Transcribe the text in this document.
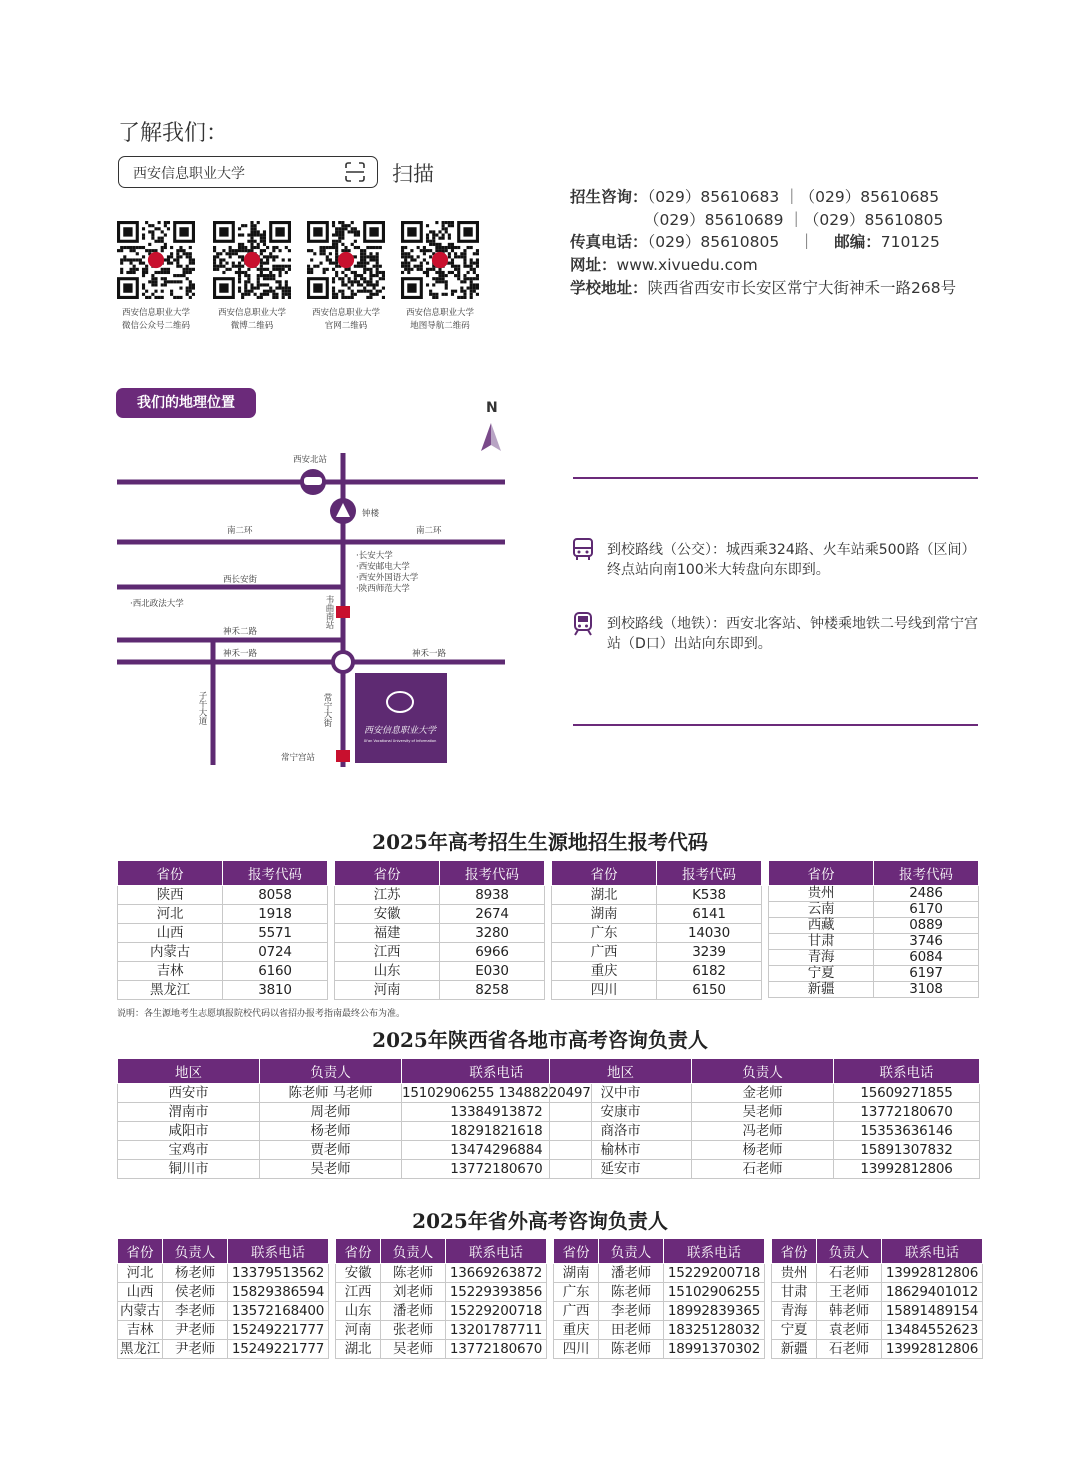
了解我们：
西安信息职业大学	扫描
西安信息职业大学
微信公众号二维码
西安信息职业大学
微博二维码
西安信息职业大学
官网二维码
西安信息职业大学
地图导航二维码
招生咨询：（029）85610683 ｜（029）85610685
（029）85610689 ｜（029）85610805
传真电话：（029）85610805 ｜ 邮编：710125
网址：www.xivuedu.com
学校地址：陕西省西安市长安区常宁大街神禾一路268号
我们的地理位置	N
西安信息职业大学
Xi'an Vocational University of Information
西安北站
钟楼
南二环	南二环
西长安街
·西北政法大学
·长安大学
·西安邮电大学
·西安外国语大学
·陕西师范大学
神禾二路
神禾一路	神禾一路
常宁宫站
韦曲南站
子午大道	常宁大街
到校路线（公交）：城西乘324路、火车站乘500路（区间）终点站向南100米大转盘向东即到。
到校路线（地铁）：西安北客站、钟楼乘地铁二号线到常宁宫站（D口）出站向东即到。
2025年高考招生生源地招生报考代码
省份	报考代码
陕西	8058
河北	1918
山西	5571
内蒙古	0724
吉林	6160
黑龙江	3810
省份	报考代码
江苏	8938
安徽	2674
福建	3280
江西	6966
山东	E030
河南	8258
省份	报考代码
湖北	K538
湖南	6141
广东	14030
广西	3239
重庆	6182
四川	6150
省份	报考代码
贵州	2486
云南	6170
西藏	0889
甘肃	3746
青海	6084
宁夏	6197
新疆	3108
说明：各生源地考生志愿填报院校代码以省招办报考指南最终公布为准。
2025年陕西省各地市高考咨询负责人
地区	负责人	联系电话
西安市	陈老师 马老师	15102906255 13488220497
渭南市	周老师	13384913872
咸阳市	杨老师	18291821618
宝鸡市	贾老师	13474296884
铜川市	吴老师	13772180670
地区	负责人	联系电话
汉中市	金老师	15609271855
安康市	吴老师	13772180670
商洛市	冯老师	15353636146
榆林市	杨老师	15891307832
延安市	石老师	13992812806
2025年省外高考咨询负责人
省份	负责人	联系电话
河北	杨老师	13379513562
山西	侯老师	15829386594
内蒙古	李老师	13572168400
吉林	尹老师	15249221777
黑龙江	尹老师	15249221777
省份	负责人	联系电话
安徽	陈老师	13669263872
江西	刘老师	15229393856
山东	潘老师	15229200718
河南	张老师	13201787711
湖北	吴老师	13772180670
省份	负责人	联系电话
湖南	潘老师	15229200718
广东	陈老师	15102906255
广西	李老师	18992839365
重庆	田老师	18325128032
四川	陈老师	18991370302
省份	负责人	联系电话
贵州	石老师	13992812806
甘肃	王老师	18629401012
青海	韩老师	15891489154
宁夏	袁老师	13484552623
新疆	石老师	13992812806
